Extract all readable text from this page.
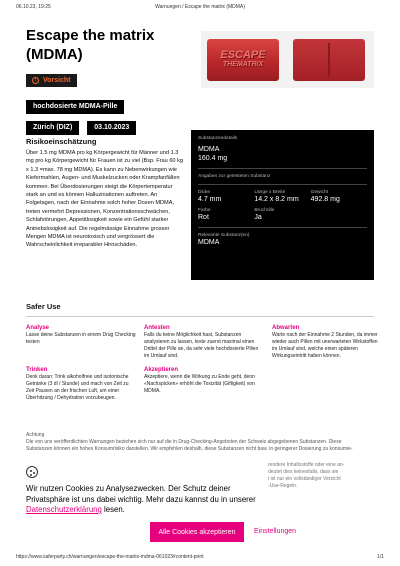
06.10.23, 19:25	Warnungen / Escape the matrix (MDMA)
Escape the matrix (MDMA)
! Vorsicht
hochdosierte MDMA-Pille
Zürich (DIZ)	03.10.2023
ESCAPE
THEMATRIX
Risikoeinschätzung

Über 1.5 mg MDMA pro kg Körpergewicht für Männer und 1.3 mg pro kg Körpergewicht für Frauen ist zu viel (Bsp. Frau 60 kg x 1.3 =max. 78 mg MDMA). Es kann zu Nebenwirkungen wie Kiefermahlen, Augen- und Muskelzucken oder Krampfanfällen kommen. Bei Überdosierungen steigt die Körpertemperatur stark an und es können Halluzinationen auftreten. An Folgetagen, nach der Einnahme solch hoher Dosen MDMA, treten vermehrt Depressionen, Konzentrationsschwächen, Schlafstörungen, Appetitlosigkeit sowie ein Gefühl starker Antriebslosigkeit auf. Die regelmässige Einnahme grosser Mengen MDMA ist neurotoxisch und vergrössert die Wahrscheinlichkeit irreparabler Hirnschäden.

Substanzendetails
MDMA
160.4 mg
Angaben zur getesteten Substanz
Dicke
4.7 mm
Länge x Breite
14.2 x 8.2 mm
Gewicht
492.8 mg
Farbe
Rot
Bruchrille
Ja
Relevante Substanz(en)
MDMA
Safer Use
Analyse

Lasse deine Substanzen in einem Drug Checking testen

Antesten

Falls du keine Möglichkeit hast, Substanzen analysieren zu lassen, teste zuerst maximal einen Drittel der Pille an, da sehr viele hochdosierte Pillen im Umlauf sind.

Abwarten

Warte nach der Einnahme 2 Stunden, da immer wieder auch Pillen mit unerwarteten Wirkstoffen im Umlauf sind, welche einen späteren Wirkungseintritt haben können.

Trinken

Denk daran: Trink alkoholfreie und isotonische Getränke (3 dl / Stunde) und mach von Zeit zu Zeit Pausen an der frischen Luft, um einer Überhitzung / Dehydration vorzubeugen.

Akzeptieren

Akzeptiere, wenn die Wirkung zu Ende geht, denn «Nachspicken» erhöht die Toxizität (Giftigkeit) von MDMA.

Achtung
Die von uns veröffentlichten Warnungen beziehen sich nur auf die in Drug-Checking-Angeboten der Schweiz abgegebenen Substanzen. Diese
Substanzen können ein hohes Konsumrisiko darstellen. Wir empfehlen deshalb, diese Substanzen nicht baw. in geringerer Dosierung zu konsumie-
rendere Inhaltsstoffe oder eine an-
deutet dies keinesfalls, dass sie
i ist nur ein vollständiger Verzicht
-Use-Regeln.
Wir nutzen Cookies zu Analysezwecken. Der Schutz deiner Privatsphäre ist uns dabei wichtig. Mehr dazu kannst du in unserer Datenschutzerklärung lesen.
Alle Cookies akzeptieren	Einstellungen
https://www.saferparty.ch/warnungen/escape-the-matrix-mdma-061023#content-print	1/1
